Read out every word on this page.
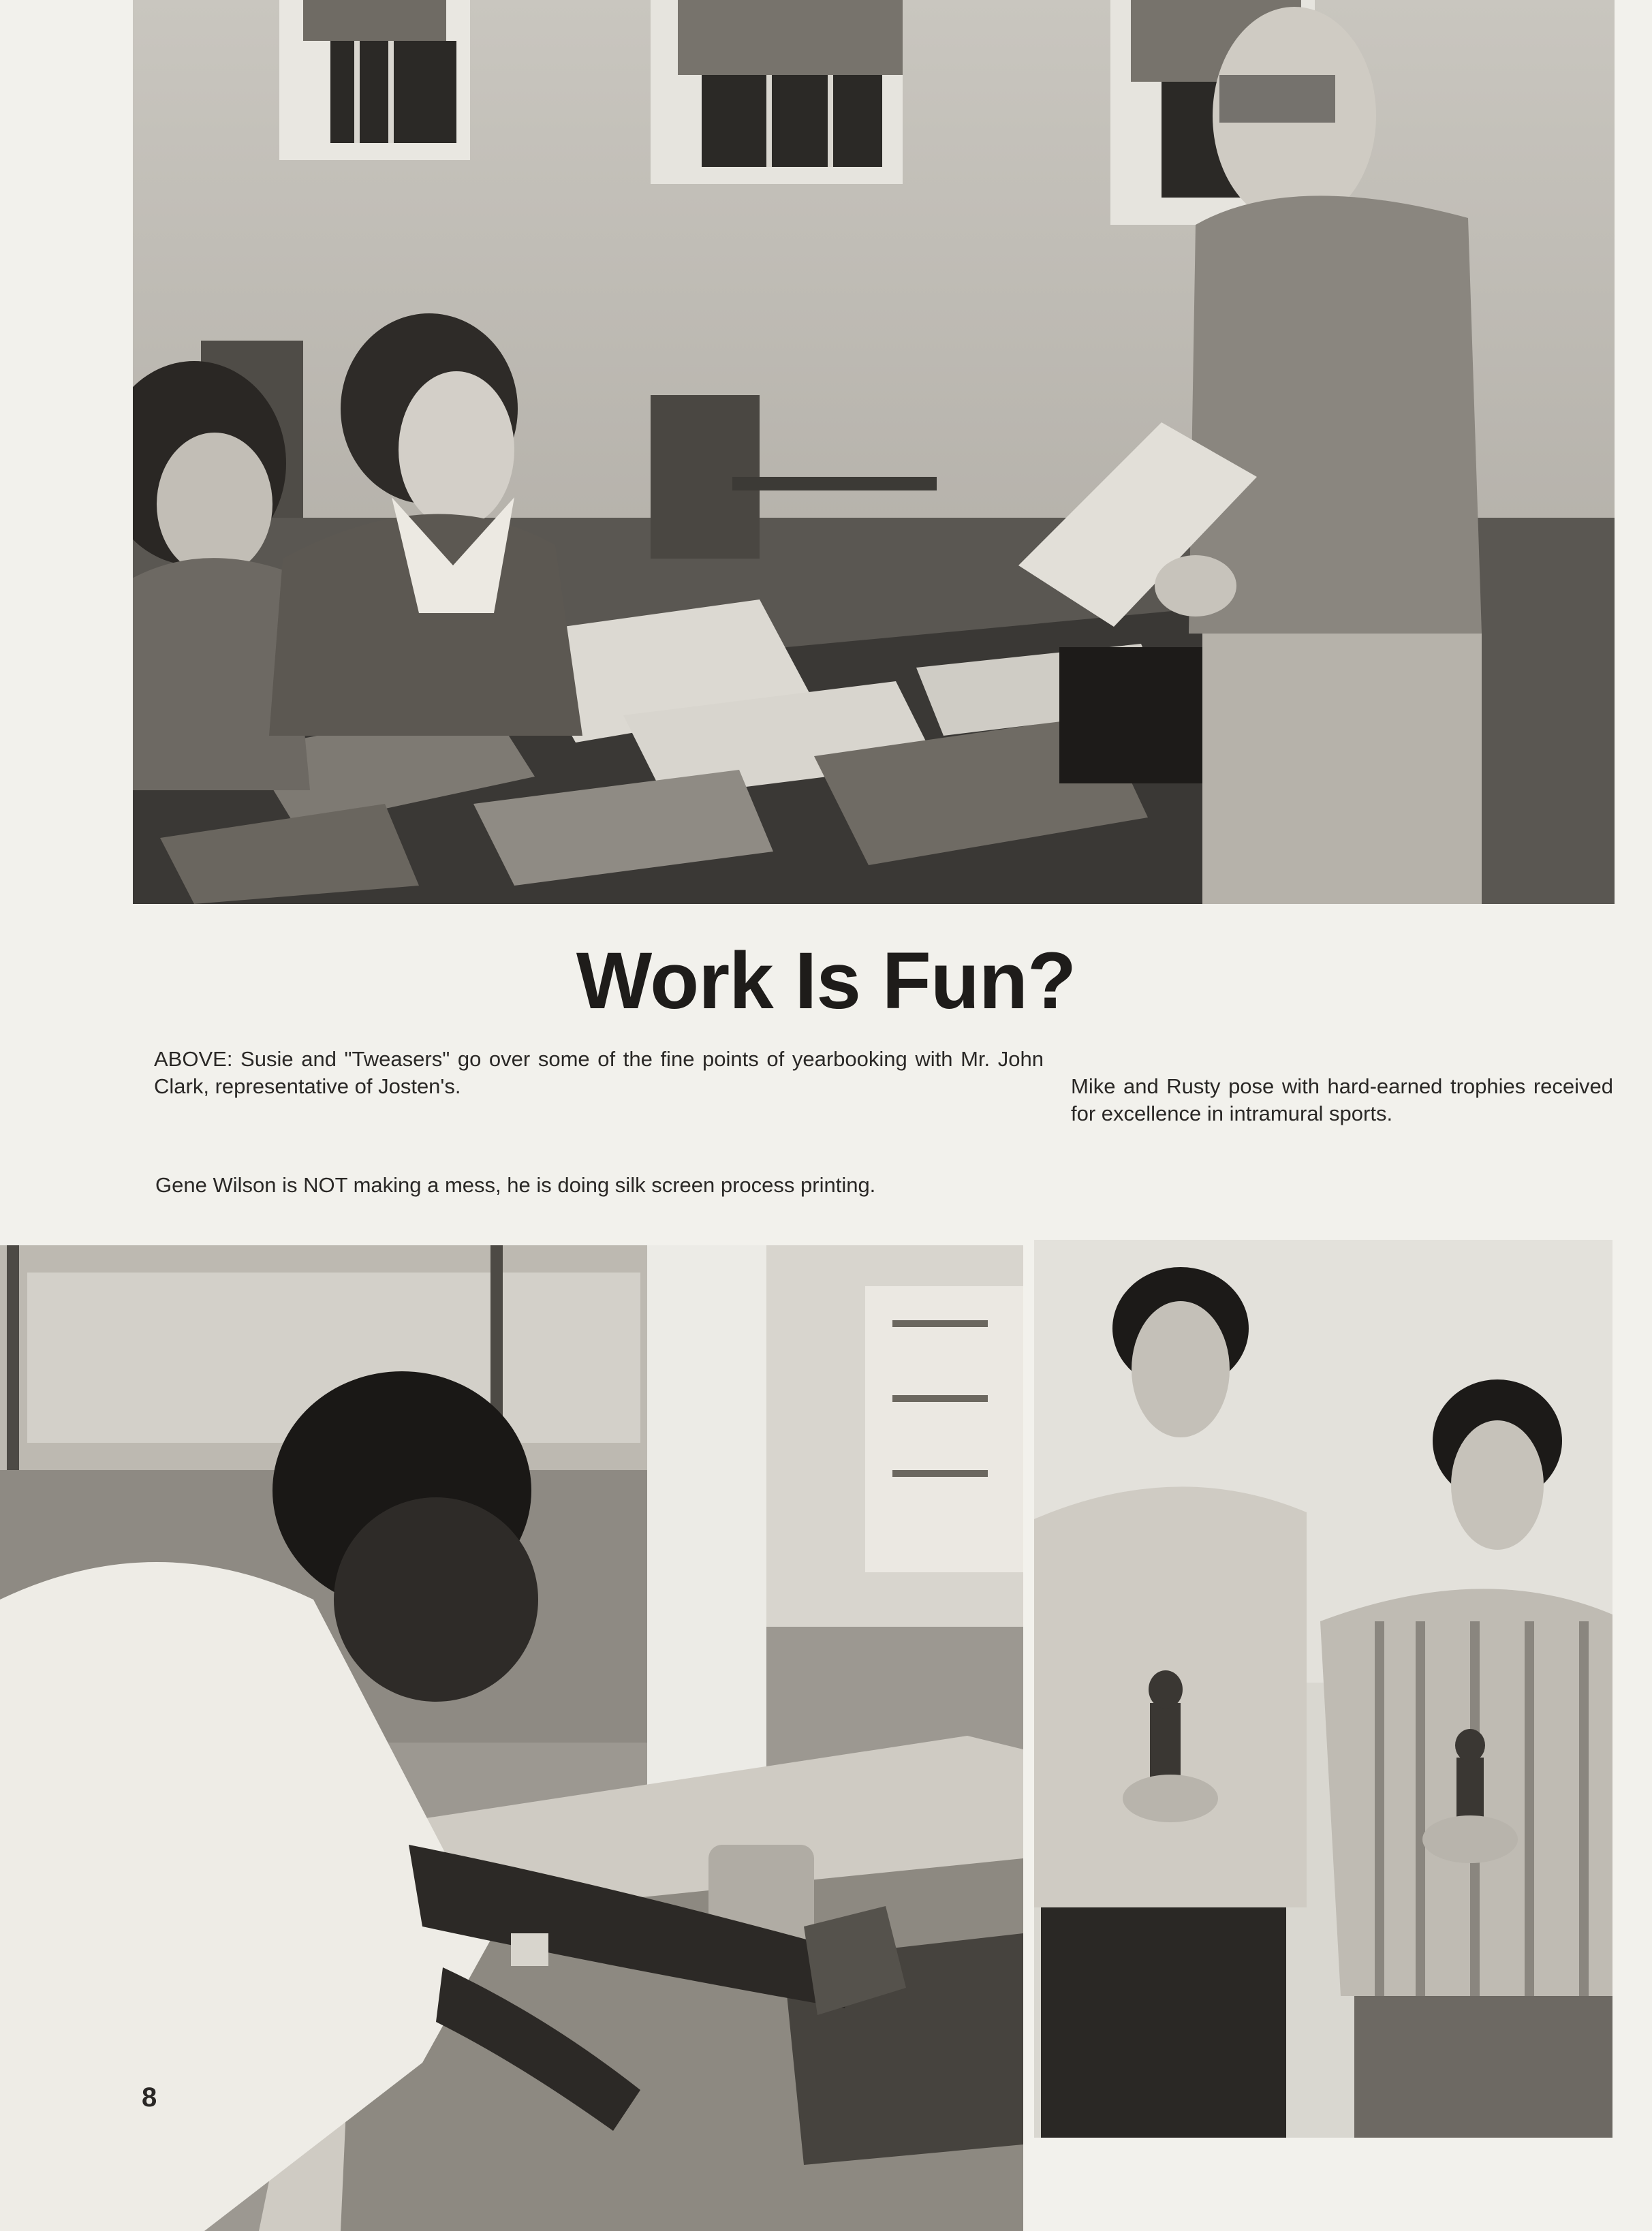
Work Is Fun?
ABOVE: Susie and "Tweasers" go over some of the fine points of yearbooking with Mr. John Clark, representative of Josten's.	Mike and Rusty pose with hard-earned trophies received for excellence in intramural sports.
Gene Wilson is NOT making a mess, he is doing silk screen process printing.
8
